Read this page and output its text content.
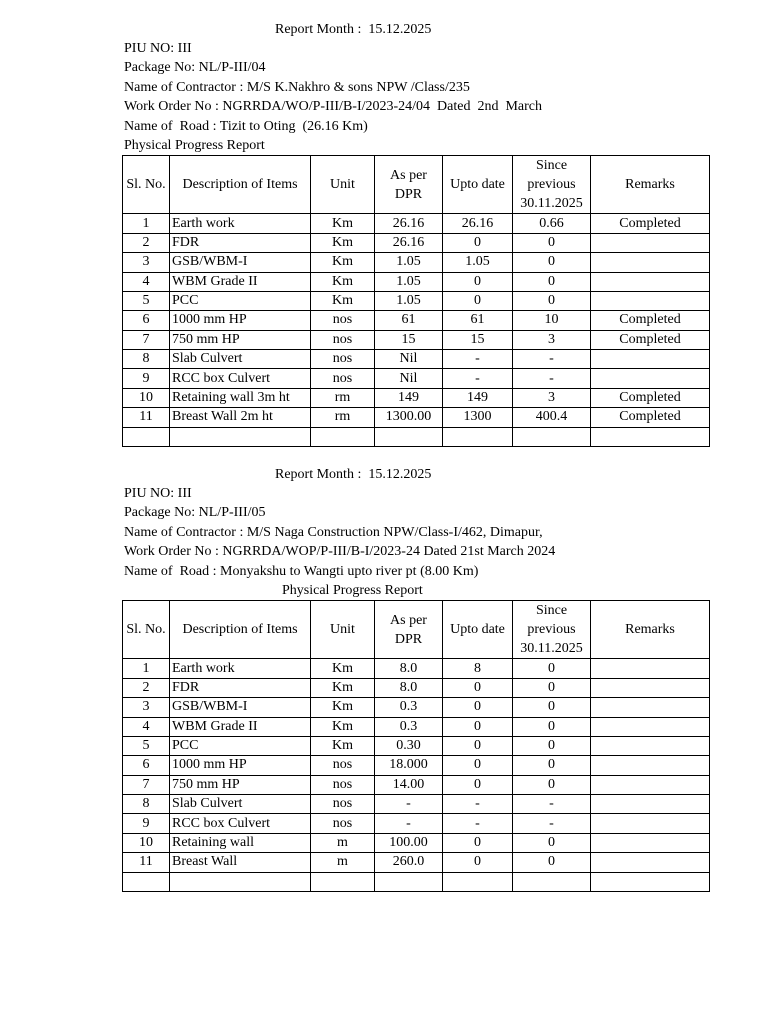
Report Month :  15.12.2025
PIU NO: III
Package No: NL/P-III/04
Name of Contractor : M/S K.Nakhro & sons NPW /Class/235
Work Order No : NGRRDA/WO/P-III/B-I/2023-24/04  Dated  2nd  March
Name of  Road : Tizit to Oting  (26.16 Km)
Physical Progress Report
Sl. No.	Description of Items	Unit	As per
DPR	Upto date	Since
previous
30.11.2025	Remarks
1	Earth work	Km	26.16	26.16	0.66	Completed
2	FDR	Km	26.16	0	0	
3	GSB/WBM-I	Km	1.05	1.05	0	
4	WBM Grade II	Km	1.05	0	0	
5	PCC	Km	1.05	0	0	
6	1000 mm HP	nos	61	61	10	Completed
7	750 mm HP	nos	15	15	3	Completed
8	Slab Culvert	nos	Nil	-	-	
9	RCC box Culvert	nos	Nil	-	-	
10	Retaining wall 3m ht	rm	149	149	3	Completed
11	Breast Wall 2m ht	rm	1300.00	1300	400.4	Completed

Report Month :  15.12.2025
PIU NO: III
Package No: NL/P-III/05
Name of Contractor : M/S Naga Construction NPW/Class-I/462, Dimapur,
Work Order No : NGRRDA/WOP/P-III/B-I/2023-24 Dated 21st March 2024
Name of  Road : Monyakshu to Wangti upto river pt (8.00 Km)
Physical Progress Report
Sl. No.	Description of Items	Unit	As per
DPR	Upto date	Since
previous
30.11.2025	Remarks
1	Earth work	Km	8.0	8	0	
2	FDR	Km	8.0	0	0	
3	GSB/WBM-I	Km	0.3	0	0	
4	WBM Grade II	Km	0.3	0	0	
5	PCC	Km	0.30	0	0	
6	1000 mm HP	nos	18.000	0	0	
7	750 mm HP	nos	14.00	0	0	
8	Slab Culvert	nos	-	-	-	
9	RCC box Culvert	nos	-	-	-	
10	Retaining wall	m	100.00	0	0	
11	Breast Wall	m	260.0	0	0	
